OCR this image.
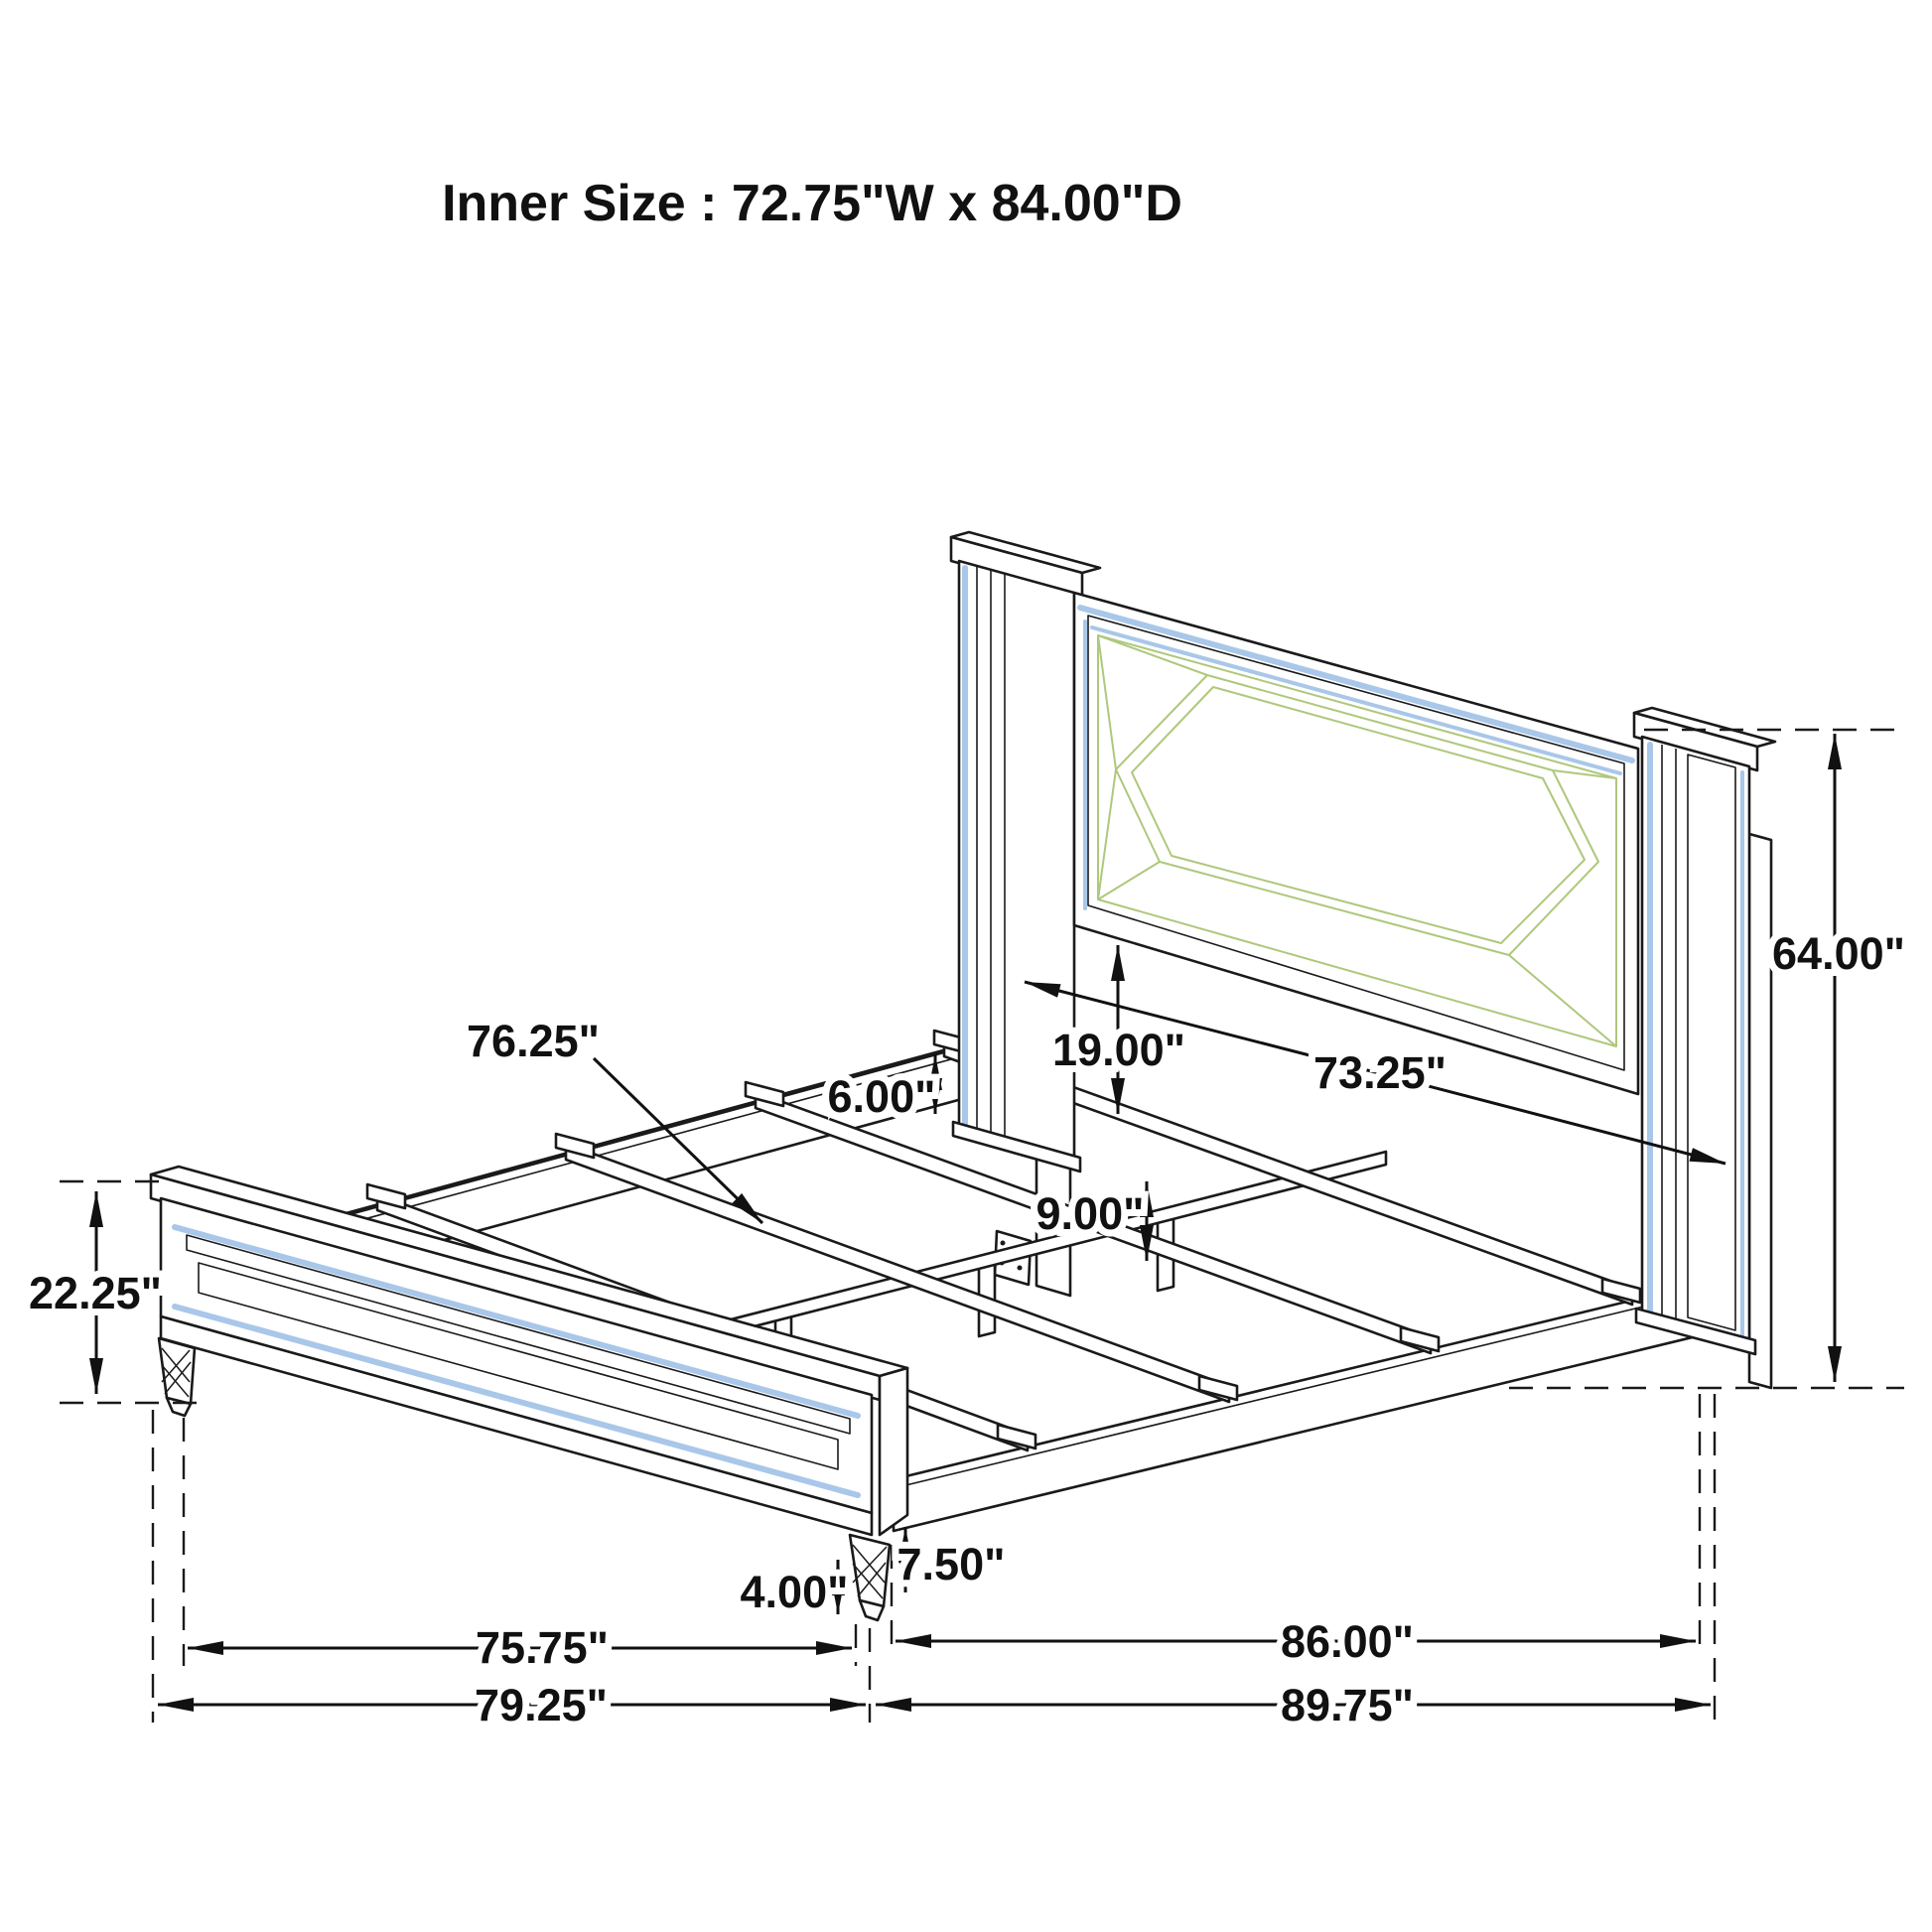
22.25"
76.25"
6.00"
19.00"	73.25"
9.00"
64.00"
4.00"
7.50"
75.75"	86.00"
79.25"	89.75"
Inner Size : 72.75"W x 84.00"D
